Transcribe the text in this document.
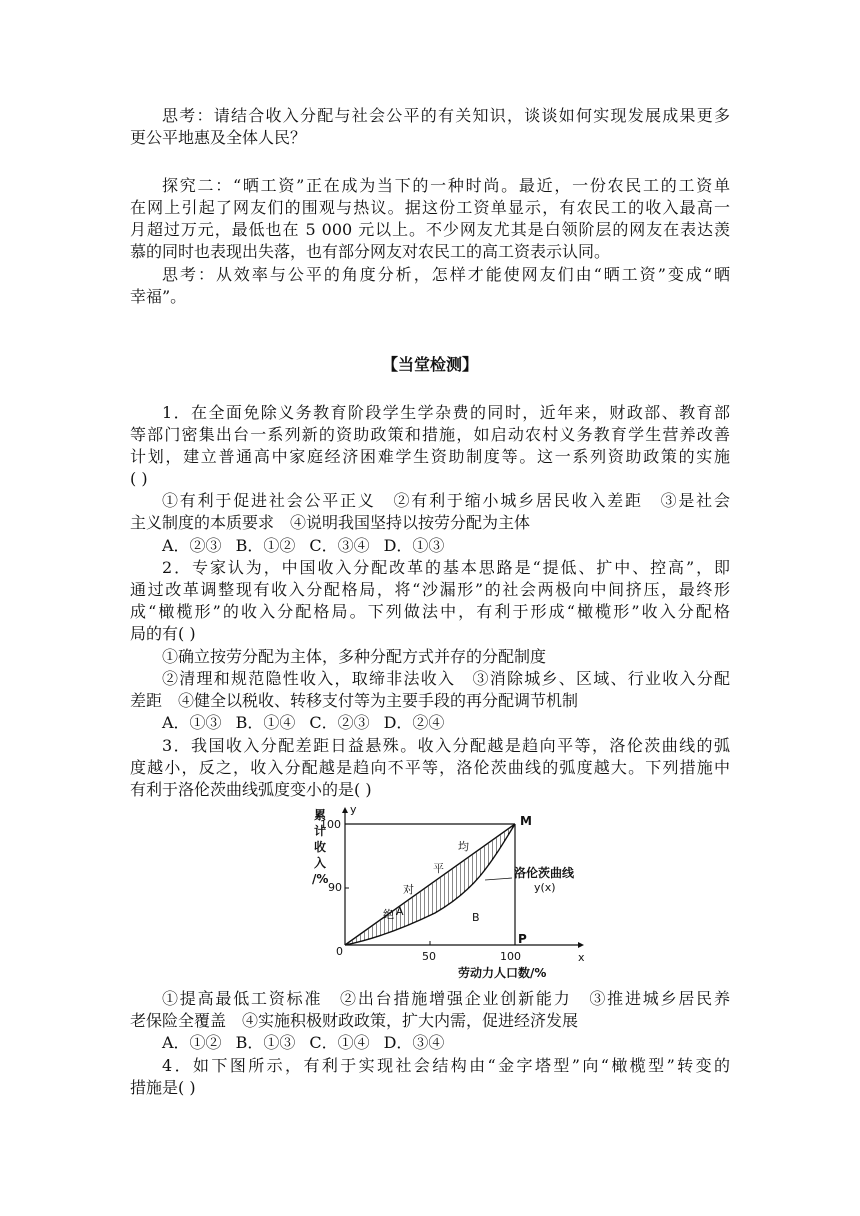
思考：请结合收入分配与社会公平的有关知识，谈谈如何实现发展成果更多
更公平地惠及全体人民？
探究二：“晒工资”正在成为当下的一种时尚。最近，一份农民工的工资单
在网上引起了网友们的围观与热议。据这份工资单显示，有农民工的收入最高一
月超过万元，最低也在 5 000 元以上。不少网友尤其是白领阶层的网友在表达羡
慕的同时也表现出失落，也有部分网友对农民工的高工资表示认同。
思考：从效率与公平的角度分析，怎样才能使网友们由“晒工资”变成“晒
幸福”。
【当堂检测】
1．在全面免除义务教育阶段学生学杂费的同时，近年来，财政部、教育部
等部门密集出台一系列新的资助政策和措施，如启动农村义务教育学生营养改善
计划，建立普通高中家庭经济困难学生资助制度等。这一系列资助政策的实施
( )
①有利于促进社会公平正义　②有利于缩小城乡居民收入差距　③是社会
主义制度的本质要求　④说明我国坚持以按劳分配为主体
A．②③ B．①② C．③④ D．①③
2．专家认为，中国收入分配改革的基本思路是“提低、扩中、控高”，即
通过改革调整现有收入分配格局，将“沙漏形”的社会两极向中间挤压，最终形
成“橄榄形”的收入分配格局。下列做法中，有利于形成“橄榄形”收入分配格
局的有( )
①确立按劳分配为主体，多种分配方式并存的分配制度
②清理和规范隐性收入，取缔非法收入　③消除城乡、区域、行业收入分配
差距　④健全以税收、转移支付等为主要手段的再分配调节机制
A．①③ B．①④ C．②③ D．②④
3．我国收入分配差距日益悬殊。收入分配越是趋向平等，洛伦茨曲线的弧
度越小，反之，收入分配越是趋向不平等，洛伦茨曲线的弧度越大。下列措施中
有利于洛伦茨曲线弧度变小的是( )
累
计
收
入
/%
y
x
100
90
0	50	100
劳动力人口数/%
M
P
A	B
绝
对
平
均
洛伦茨曲线
y(x)
①提高最低工资标准　②出台措施增强企业创新能力　③推进城乡居民养
老保险全覆盖　④实施积极财政政策，扩大内需，促进经济发展
A．①② B．①③ C．①④ D．③④
4．如下图所示，有利于实现社会结构由“金字塔型”向“橄榄型”转变的
措施是( )
